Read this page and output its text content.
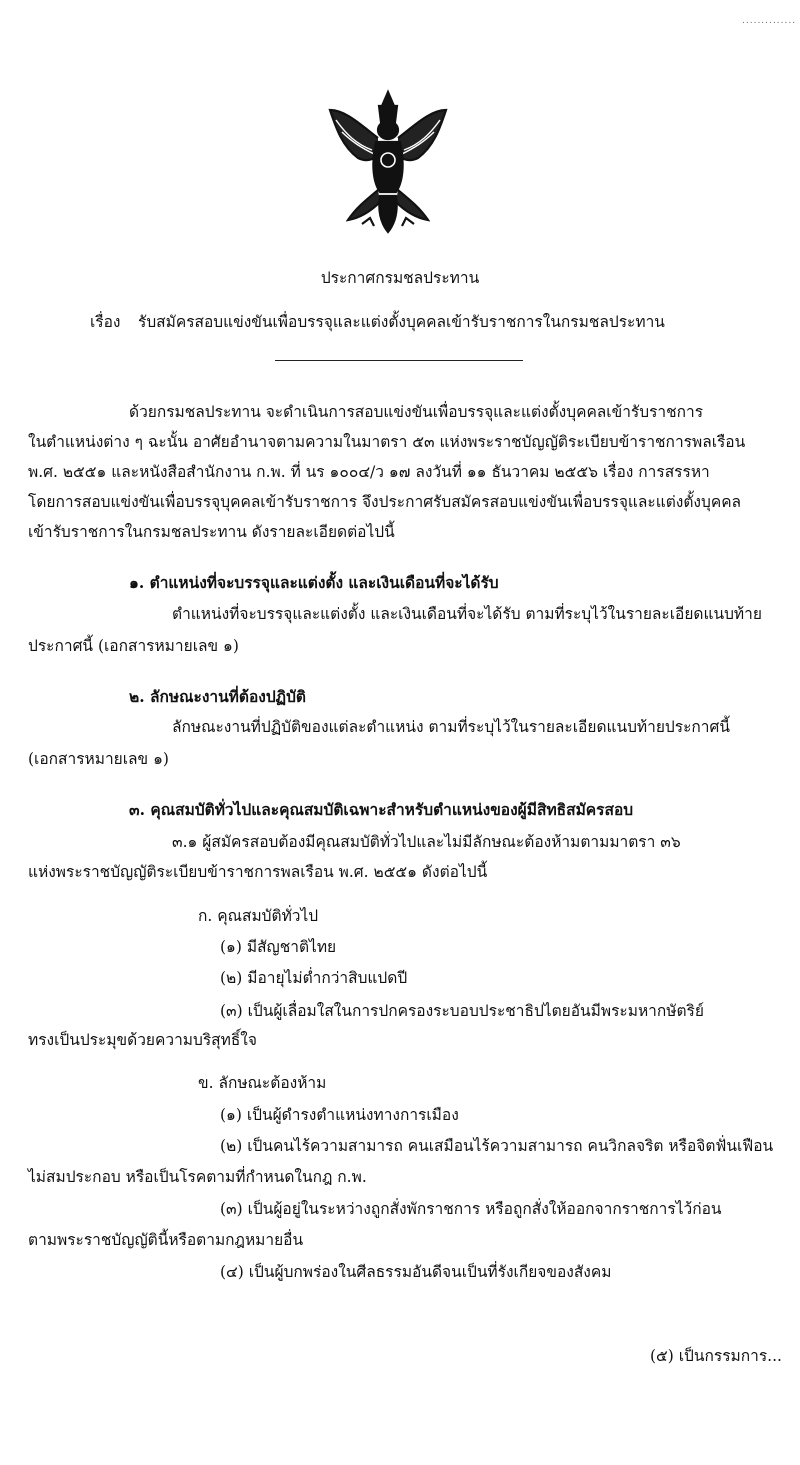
..............
ประกาศกรมชลประทาน
เรื่อง รับสมัครสอบแข่งขันเพื่อบรรจุและแต่งตั้งบุคคลเข้ารับราชการในกรมชลประทาน
ด้วยกรมชลประทาน จะดำเนินการสอบแข่งขันเพื่อบรรจุและแต่งตั้งบุคคลเข้ารับราชการ
ในตำแหน่งต่าง ๆ ฉะนั้น อาศัยอำนาจตามความในมาตรา ๕๓ แห่งพระราชบัญญัติระเบียบข้าราชการพลเรือน
พ.ศ. ๒๕๕๑ และหนังสือสำนักงาน ก.พ. ที่ นร ๑๐๐๔/ว ๑๗ ลงวันที่ ๑๑ ธันวาคม ๒๕๕๖ เรื่อง การสรรหา
โดยการสอบแข่งขันเพื่อบรรจุบุคคลเข้ารับราชการ จึงประกาศรับสมัครสอบแข่งขันเพื่อบรรจุและแต่งตั้งบุคคล
เข้ารับราชการในกรมชลประทาน ดังรายละเอียดต่อไปนี้
๑. ตำแหน่งที่จะบรรจุและแต่งตั้ง และเงินเดือนที่จะได้รับ
ตำแหน่งที่จะบรรจุและแต่งตั้ง และเงินเดือนที่จะได้รับ ตามที่ระบุไว้ในรายละเอียดแนบท้าย
ประกาศนี้ (เอกสารหมายเลข ๑)
๒. ลักษณะงานที่ต้องปฏิบัติ
ลักษณะงานที่ปฏิบัติของแต่ละตำแหน่ง ตามที่ระบุไว้ในรายละเอียดแนบท้ายประกาศนี้
(เอกสารหมายเลข ๑)
๓. คุณสมบัติทั่วไปและคุณสมบัติเฉพาะสำหรับตำแหน่งของผู้มีสิทธิสมัครสอบ
๓.๑ ผู้สมัครสอบต้องมีคุณสมบัติทั่วไปและไม่มีลักษณะต้องห้ามตามมาตรา ๓๖
แห่งพระราชบัญญัติระเบียบข้าราชการพลเรือน พ.ศ. ๒๕๕๑ ดังต่อไปนี้
ก. คุณสมบัติทั่วไป
(๑) มีสัญชาติไทย
(๒) มีอายุไม่ต่ำกว่าสิบแปดปี
(๓) เป็นผู้เลื่อมใสในการปกครองระบอบประชาธิปไตยอันมีพระมหากษัตริย์
ทรงเป็นประมุขด้วยความบริสุทธิ์ใจ
ข. ลักษณะต้องห้าม
(๑) เป็นผู้ดำรงตำแหน่งทางการเมือง
(๒) เป็นคนไร้ความสามารถ คนเสมือนไร้ความสามารถ คนวิกลจริต หรือจิตฟั่นเฟือน
ไม่สมประกอบ หรือเป็นโรคตามที่กำหนดในกฎ ก.พ.
(๓) เป็นผู้อยู่ในระหว่างถูกสั่งพักราชการ หรือถูกสั่งให้ออกจากราชการไว้ก่อน
ตามพระราชบัญญัตินี้หรือตามกฎหมายอื่น
(๔) เป็นผู้บกพร่องในศีลธรรมอันดีจนเป็นที่รังเกียจของสังคม
(๕) เป็นกรรมการ...
